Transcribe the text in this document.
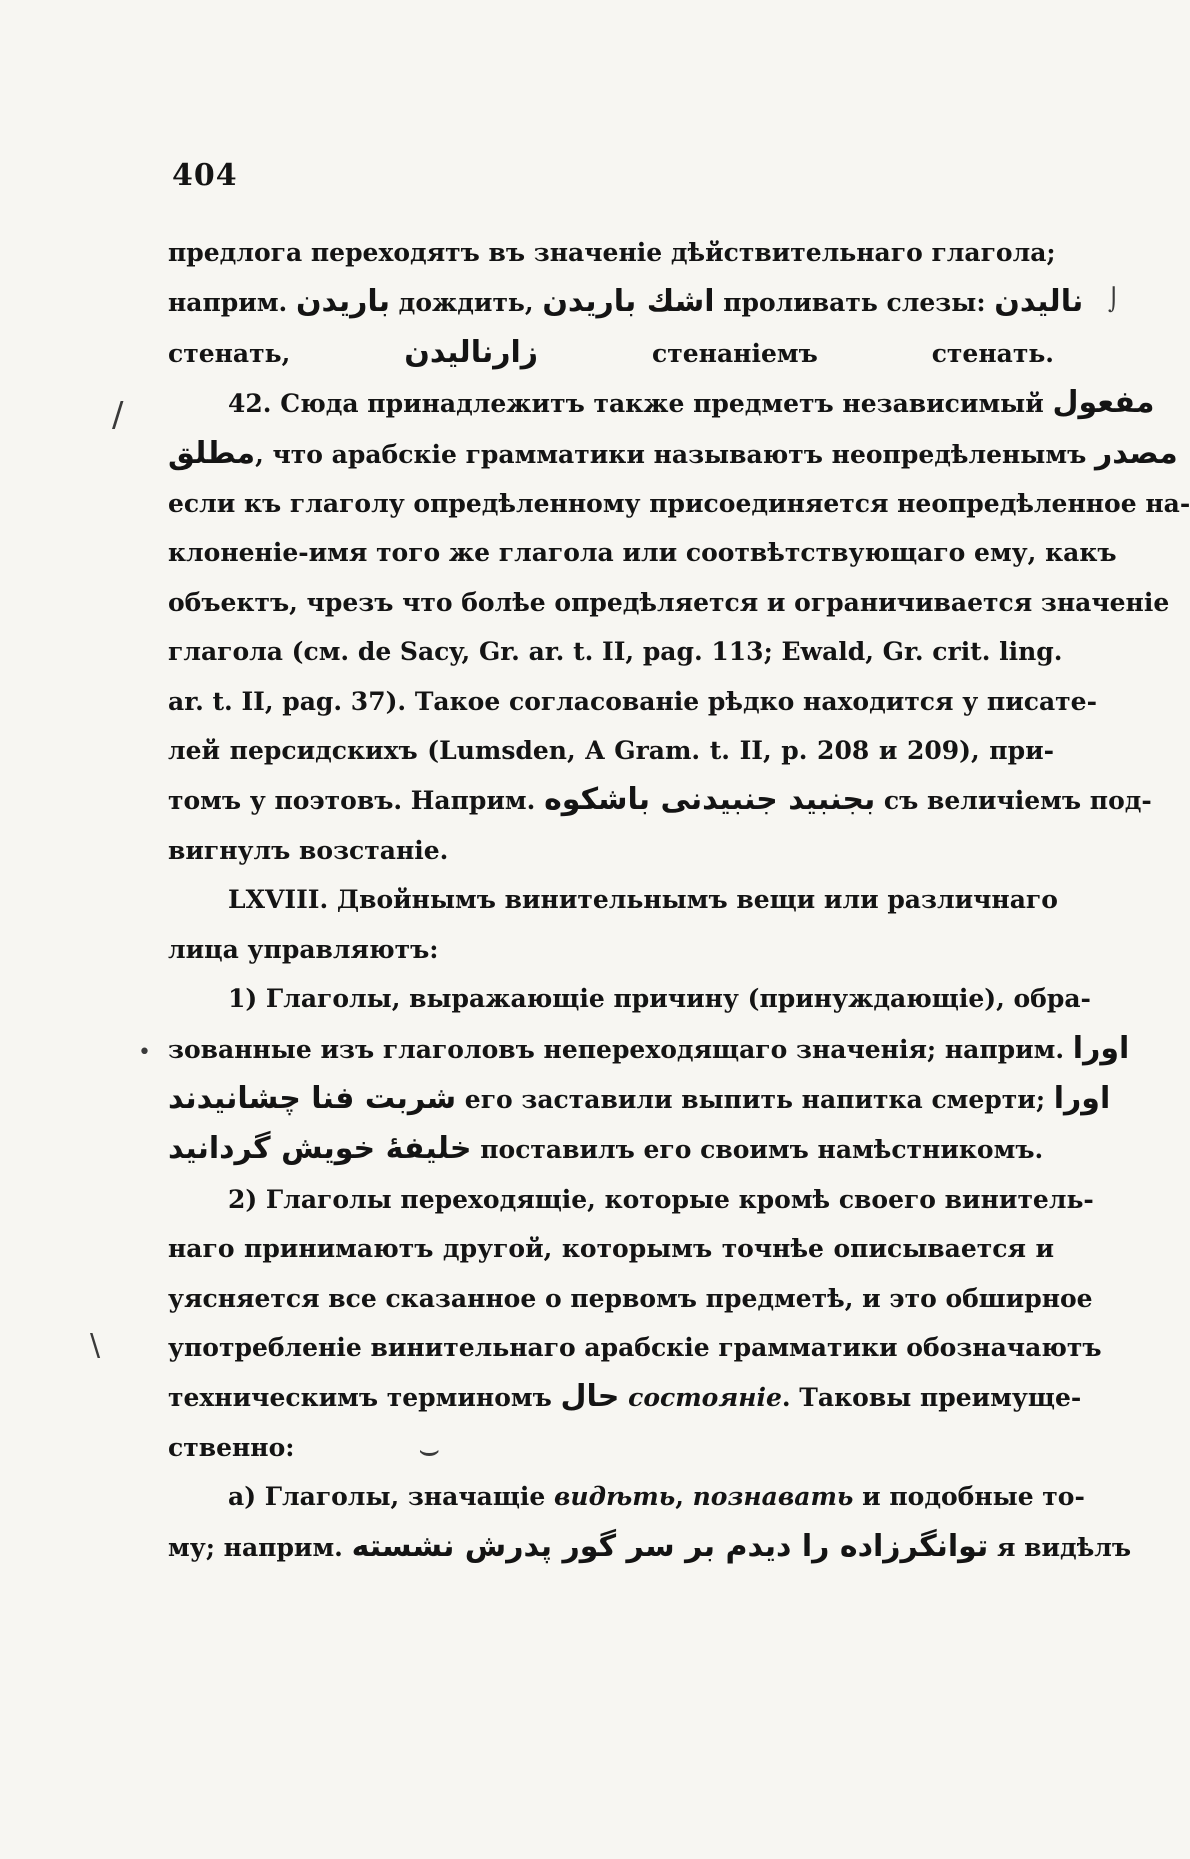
404
предлога переходятъ въ значеніе дѣйствительнаго глагола;
наприм. باریدن дождить, اشك باریدن проливать слезы: نالیدن
стенать, زارنالیدن стенаніемъ стенать.
42. Сюда принадлежитъ также предметъ независимый مفعول
مطلق, что арабскіе грамматики называютъ неопредѣленымъ مصدر
если къ глаголу опредѣленному присоединяется неопредѣленное на-
клоненіе-имя того же глагола или соотвѣтствующаго ему, какъ
объектъ, чрезъ что болѣе опредѣляется и ограничивается значеніе
глагола (см. de Sacy, Gr. ar. t. II, pag. 113; Ewald, Gr. crit. ling.
ar. t. II, pag. 37). Такое согласованіе рѣдко находится у писате-
лей персидскихъ (Lumsden, A Gram. t. II, p. 208 и 209), при-
томъ у поэтовъ. Наприм. بجنبید جنبیدنی باشکوه съ величіемъ под-
вигнулъ возстаніе.
LXVIII. Двойнымъ винительнымъ вещи или различнаго
лица управляютъ:
1) Глаголы, выражающіе причину (принуждающіе), обра-
зованные изъ глаголовъ непереходящаго значенія; наприм. اورا
شربت فنا چشانیدند его заставили выпить напитка смерти; اورا
خلیفهٔ خویش گردانید поставилъ его своимъ намѣстникомъ.
2) Глаголы переходящіе, которые кромѣ своего винитель-
наго принимаютъ другой, которымъ точнѣе описывается и
уясняется все сказанное о первомъ предметѣ, и это обширное
употребленіе винительнаго арабскіе грамматики обозначаютъ
техническимъ терминомъ حال состояніе. Таковы преимуще-
ственно:
a) Глаголы, значащіе видѣть, познавать и подобные то-
му; наприм. توانگرزاده را دیدم بر سر گور پدرش نشسته я видѣлъ
⌡
/
•
\
⌣
